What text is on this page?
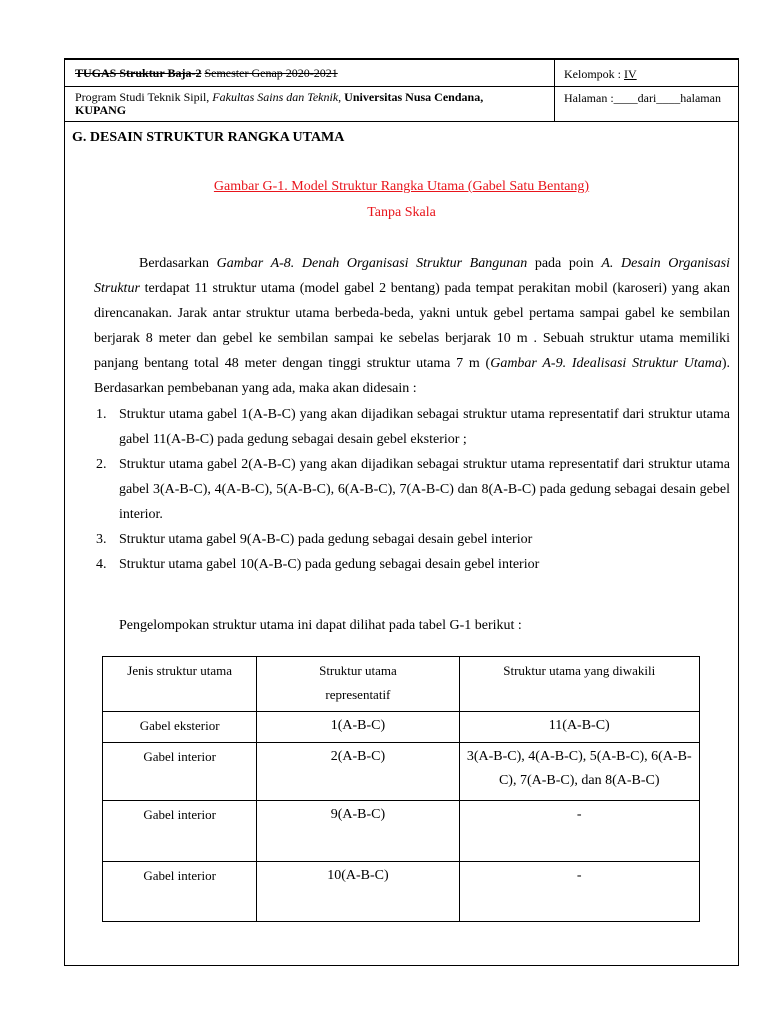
TUGAS Struktur Baja-2 Semester Genap 2020-2021	Kelompok : IV

Program Studi Teknik Sipil, Fakultas Sains dan Teknik, Universitas Nusa Cendana,
KUPANG	Halaman :____dari____halaman
G. DESAIN STRUKTUR RANGKA UTAMA
Gambar G-1. Model Struktur Rangka Utama (Gabel Satu Bentang)
Tanpa Skala
Berdasarkan Gambar A-8. Denah Organisasi Struktur Bangunan pada poin A. Desain Organisasi Struktur terdapat 11 struktur utama (model gabel 2 bentang) pada tempat perakitan mobil (karoseri) yang akan direncanakan. Jarak antar struktur utama berbeda-beda, yakni untuk gebel pertama sampai gabel ke sembilan berjarak 8 meter dan gebel ke sembilan sampai ke sebelas berjarak 10 m . Sebuah struktur utama memiliki panjang bentang total 48 meter dengan tinggi struktur utama 7 m (Gambar A-9. Idealisasi Struktur Utama). Berdasarkan pembebanan yang ada, maka akan didesain :
1. Struktur utama gabel 1(A-B-C) yang akan dijadikan sebagai struktur utama representatif dari struktur utama gabel 11(A-B-C) pada gedung sebagai desain gebel eksterior ;
2. Struktur utama gabel 2(A-B-C) yang akan dijadikan sebagai struktur utama representatif dari struktur utama gabel 3(A-B-C), 4(A-B-C), 5(A-B-C), 6(A-B-C), 7(A-B-C) dan 8(A-B-C) pada gedung sebagai desain gebel interior.
3. Struktur utama gabel 9(A-B-C) pada gedung sebagai desain gebel interior
4. Struktur utama gabel 10(A-B-C) pada gedung sebagai desain gebel interior
Pengelompokan struktur utama ini dapat dilihat pada tabel G-1 berikut :
Jenis struktur utama	Struktur utama representatif	Struktur utama yang diwakili
Gabel eksterior	1(A-B-C)	11(A-B-C)
Gabel interior	2(A-B-C)	3(A-B-C), 4(A-B-C), 5(A-B-C), 6(A-B-C), 7(A-B-C), dan 8(A-B-C)
Gabel interior	9(A-B-C)	-
Gabel interior	10(A-B-C)	-
